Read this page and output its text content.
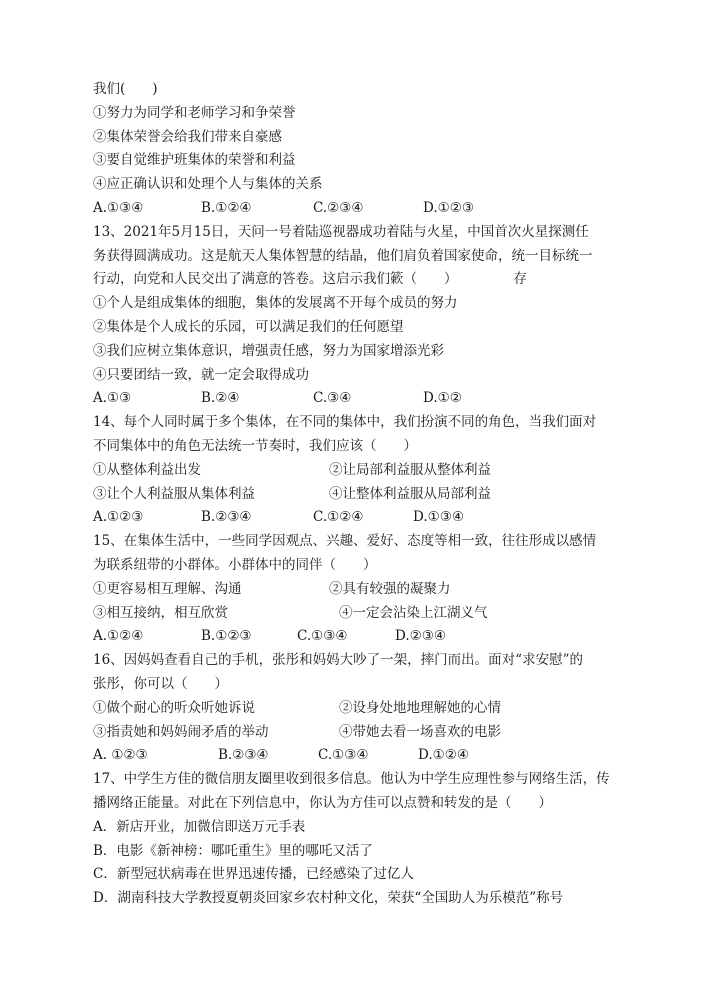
我们(　　)
①努力为同学和老师学习和争荣誉
②集体荣誉会给我们带来自豪感
③要自觉维护班集体的荣誉和利益
④应正确认识和处理个人与集体的关系
A.①③④	B.①②④	C.②③④	D.①②③
13、2021年5月15日，天问一号着陆巡视器成功着陆与火星，中国首次火星探测任
务获得圆满成功。这是航天人集体智慧的结晶，他们肩负着国家使命，统一目标统一
行动，向党和人民交出了满意的答卷。这启示我们簌（　　）	存
①个人是组成集体的细胞，集体的发展离不开每个成员的努力
②集体是个人成长的乐园，可以满足我们的任何愿望
③我们应树立集体意识，增强责任感，努力为国家增添光彩
④只要团结一致，就一定会取得成功
A.①③	B.②④	C.③④	D.①②
14、每个人同时属于多个集体，在不同的集体中，我们扮演不同的角色，当我们面对
不同集体中的角色无法统一节奏时，我们应该（　　）
①从整体利益出发	②让局部利益服从整体利益
③让个人利益服从集体利益	④让整体利益服从局部利益
A.①②③	B.②③④	C.①②④	D.①③④
15、在集体生活中，一些同学因观点、兴趣、爱好、态度等相一致，往往形成以感情
为联系纽带的小群体。小群体中的同伴（　　）
①更容易相互理解、沟通	②具有较强的凝聚力
③相互接纳，相互欣赏	④一定会沾染上江湖义气
A.①②④	B.①②③	C.①③④	D.②③④
16、因妈妈查看自己的手机，张彤和妈妈大吵了一架，摔门而出。面对“求安慰”的
张彤，你可以（　　）
①做个耐心的听众听她诉说	②设身处地地理解她的心情
③指责她和妈妈闹矛盾的举动	④带她去看一场喜欢的电影
A. ①②③	B.②③④	C.①③④	D.①②④
17、中学生方佳的微信朋友圈里收到很多信息。他认为中学生应理性参与网络生活，传
播网络正能量。对此在下列信息中，你认为方佳可以点赞和转发的是（　　）
A．新店开业，加微信即送万元手表
B．电影《新神榜：哪吒重生》里的哪吒又活了
C．新型冠状病毒在世界迅速传播，已经感染了过亿人
D．湖南科技大学教授夏朝炎回家乡农村种文化，荣获“全国助人为乐模范”称号
